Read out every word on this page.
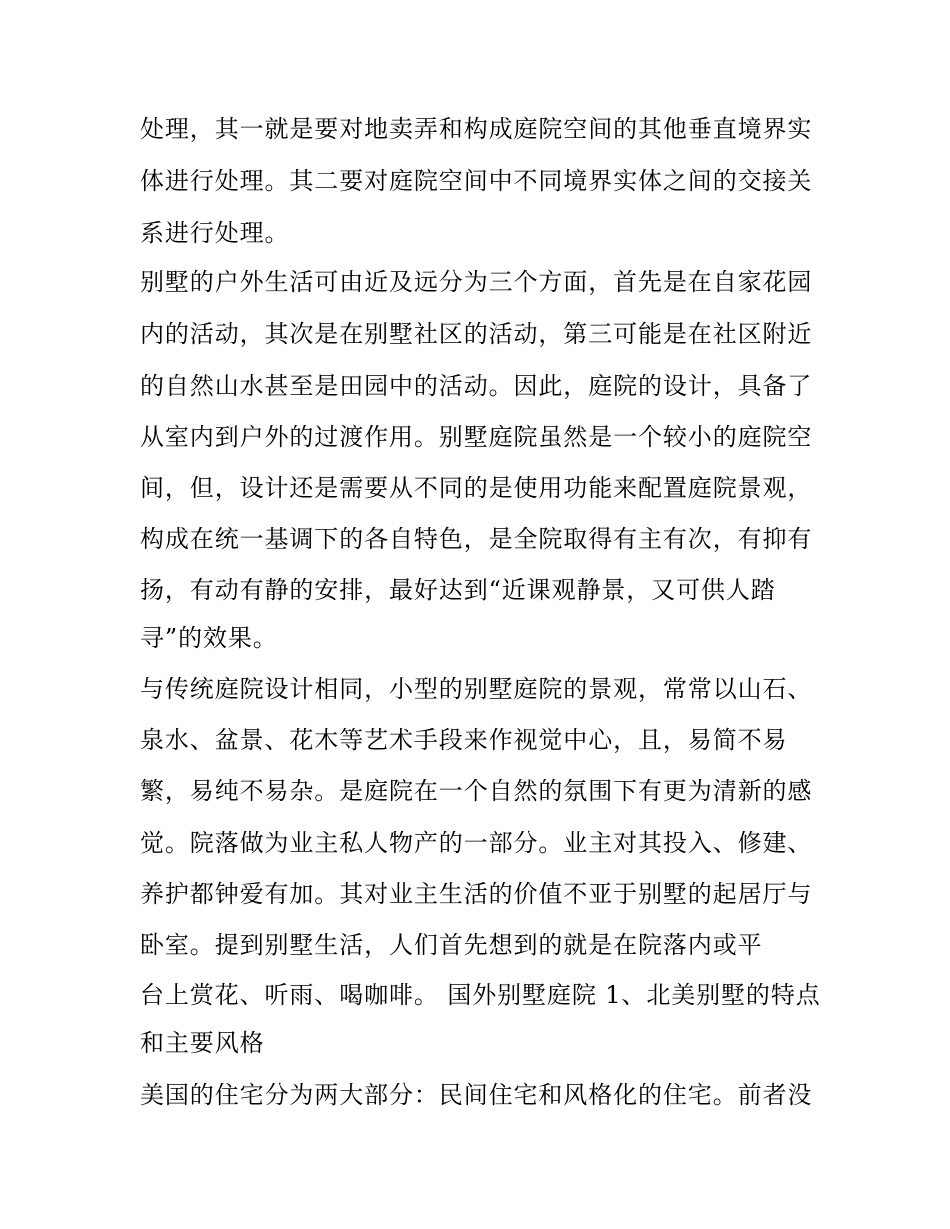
处理，其一就是要对地卖弄和构成庭院空间的其他垂直境界实
体进行处理。其二要对庭院空间中不同境界实体之间的交接关
系进行处理。
别墅的户外生活可由近及远分为三个方面，首先是在自家花园
内的活动，其次是在别墅社区的活动，第三可能是在社区附近
的自然山水甚至是田园中的活动。因此，庭院的设计，具备了
从室内到户外的过渡作用。别墅庭院虽然是一个较小的庭院空
间，但，设计还是需要从不同的是使用功能来配置庭院景观，
构成在统一基调下的各自特色，是全院取得有主有次，有抑有
扬，有动有静的安排，最好达到“近课观静景，又可供人踏
寻”的效果。
与传统庭院设计相同，小型的别墅庭院的景观，常常以山石、
泉水、盆景、花木等艺术手段来作视觉中心，且，易简不易
繁，易纯不易杂。是庭院在一个自然的氛围下有更为清新的感
觉。院落做为业主私人物产的一部分。业主对其投入、修建、
养护都钟爱有加。其对业主生活的价值不亚于别墅的起居厅与
卧室。提到别墅生活，人们首先想到的就是在院落内或平
台上赏花、听雨、喝咖啡。 国外别墅庭院 1、北美别墅的特点
和主要风格
美国的住宅分为两大部分：民间住宅和风格化的住宅。前者没
